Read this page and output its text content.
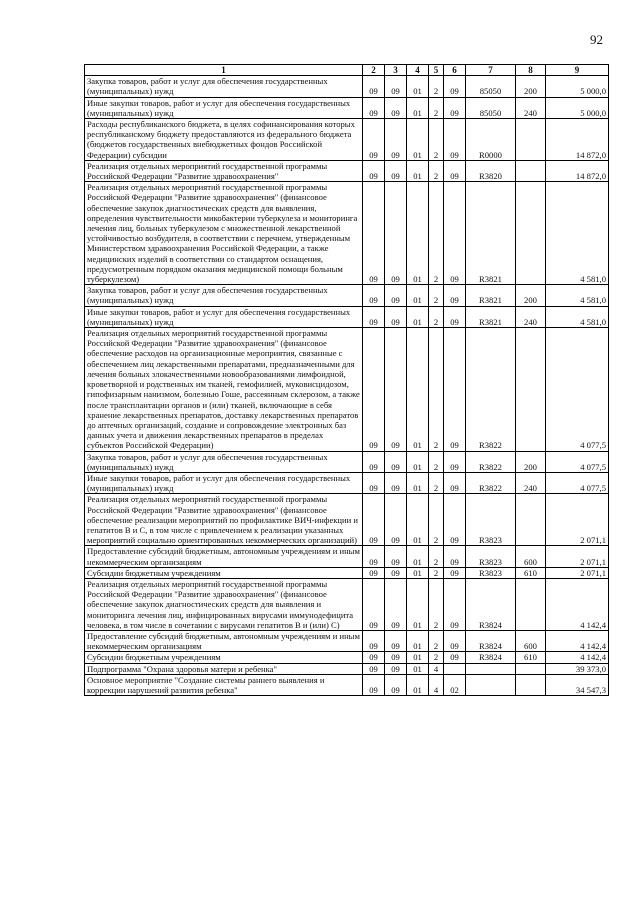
92
1	2	3	4	5	6	7	8	9
Закупка товаров, работ и услуг для обеспечения государственных (муниципальных) нужд	09	09	01	2	09	85050	200	5 000,0
Иные закупки товаров, работ и услуг для обеспечения государственных (муниципальных) нужд	09	09	01	2	09	85050	240	5 000,0
Расходы республиканского бюджета, в целях софинансирования которых республиканскому бюджету предоставляются из федерального бюджета (бюджетов государственных внебюджетных фондов Российской Федерации) субсидии	09	09	01	2	09	R0000		14 872,0
Реализация отдельных мероприятий государственной программы Российской Федерации "Развитие здравоохранения"	09	09	01	2	09	R3820		14 872,0
Реализация отдельных мероприятий государственной программы Российской Федерации "Развитие здравоохранения" (финансовое обеспечение закупок диагностических средств для выявления, определения чувствительности микобактерии туберкулеза и мониторинга лечения лиц, больных туберкулезом с множественной лекарственной устойчивостью возбудителя, в соответствии с перечнем, утвержденным Министерством здравоохранения Российской Федерации, а также медицинских изделий в соответствии со стандартом оснащения, предусмотренным порядком оказания медицинской помощи больным туберкулезом)	09	09	01	2	09	R3821		4 581,0
Закупка товаров, работ и услуг для обеспечения государственных (муниципальных) нужд	09	09	01	2	09	R3821	200	4 581,0
Иные закупки товаров, работ и услуг для обеспечения государственных (муниципальных) нужд	09	09	01	2	09	R3821	240	4 581,0
Реализация отдельных мероприятий государственной программы Российской Федерации "Развитие здравоохранения" (финансовое обеспечение расходов на организационные мероприятия, связанные с обеспечением лиц лекарственными препаратами, предназначенными для лечения больных злокачественными новообразованиями лимфоидной, кроветворной и родственных им тканей, гемофилией, муковисцидозом, гипофизарным нанизмом, болезнью Гоше, рассеянным склерозом, а также после трансплантации органов и (или) тканей, включающие в себя хранение лекарственных препаратов, доставку лекарственных препаратов до аптечных организаций, создание и сопровождение электронных баз данных учета и движения лекарственных препаратов в пределах субъектов Российской Федерации)	09	09	01	2	09	R3822		4 077,5
Закупка товаров, работ и услуг для обеспечения государственных (муниципальных) нужд	09	09	01	2	09	R3822	200	4 077,5
Иные закупки товаров, работ и услуг для обеспечения государственных (муниципальных) нужд	09	09	01	2	09	R3822	240	4 077,5
Реализация отдельных мероприятий государственной программы Российской Федерации "Развитие здравоохранения" (финансовое обеспечение реализации мероприятий по профилактике ВИЧ-инфекции и гепатитов В и С, в том числе с привлечением к реализации указанных мероприятий социально ориентированных некоммерческих организаций)	09	09	01	2	09	R3823		2 071,1
Предоставление субсидий бюджетным, автономным учреждениям и иным некоммерческим организациям	09	09	01	2	09	R3823	600	2 071,1
Субсидии бюджетным учреждениям	09	09	01	2	09	R3823	610	2 071,1
Реализация отдельных мероприятий государственной программы Российской Федерации "Развитие здравоохранения" (финансовое обеспечение закупок диагностических средств для выявления и мониторинга лечения лиц, инфицированных вирусами иммунодефицита человека, в том числе в сочетании с вирусами гепатитов В и (или) С)	09	09	01	2	09	R3824		4 142,4
Предоставление субсидий бюджетным, автономным учреждениям и иным некоммерческим организациям	09	09	01	2	09	R3824	600	4 142,4
Субсидии бюджетным учреждениям	09	09	01	2	09	R3824	610	4 142,4
Подпрограмма "Охрана здоровья матери и ребенка"	09	09	01	4				39 373,0
Основное мероприятие "Создание системы раннего выявления и коррекции нарушений развития ребенка"	09	09	01	4	02			34 547,3
